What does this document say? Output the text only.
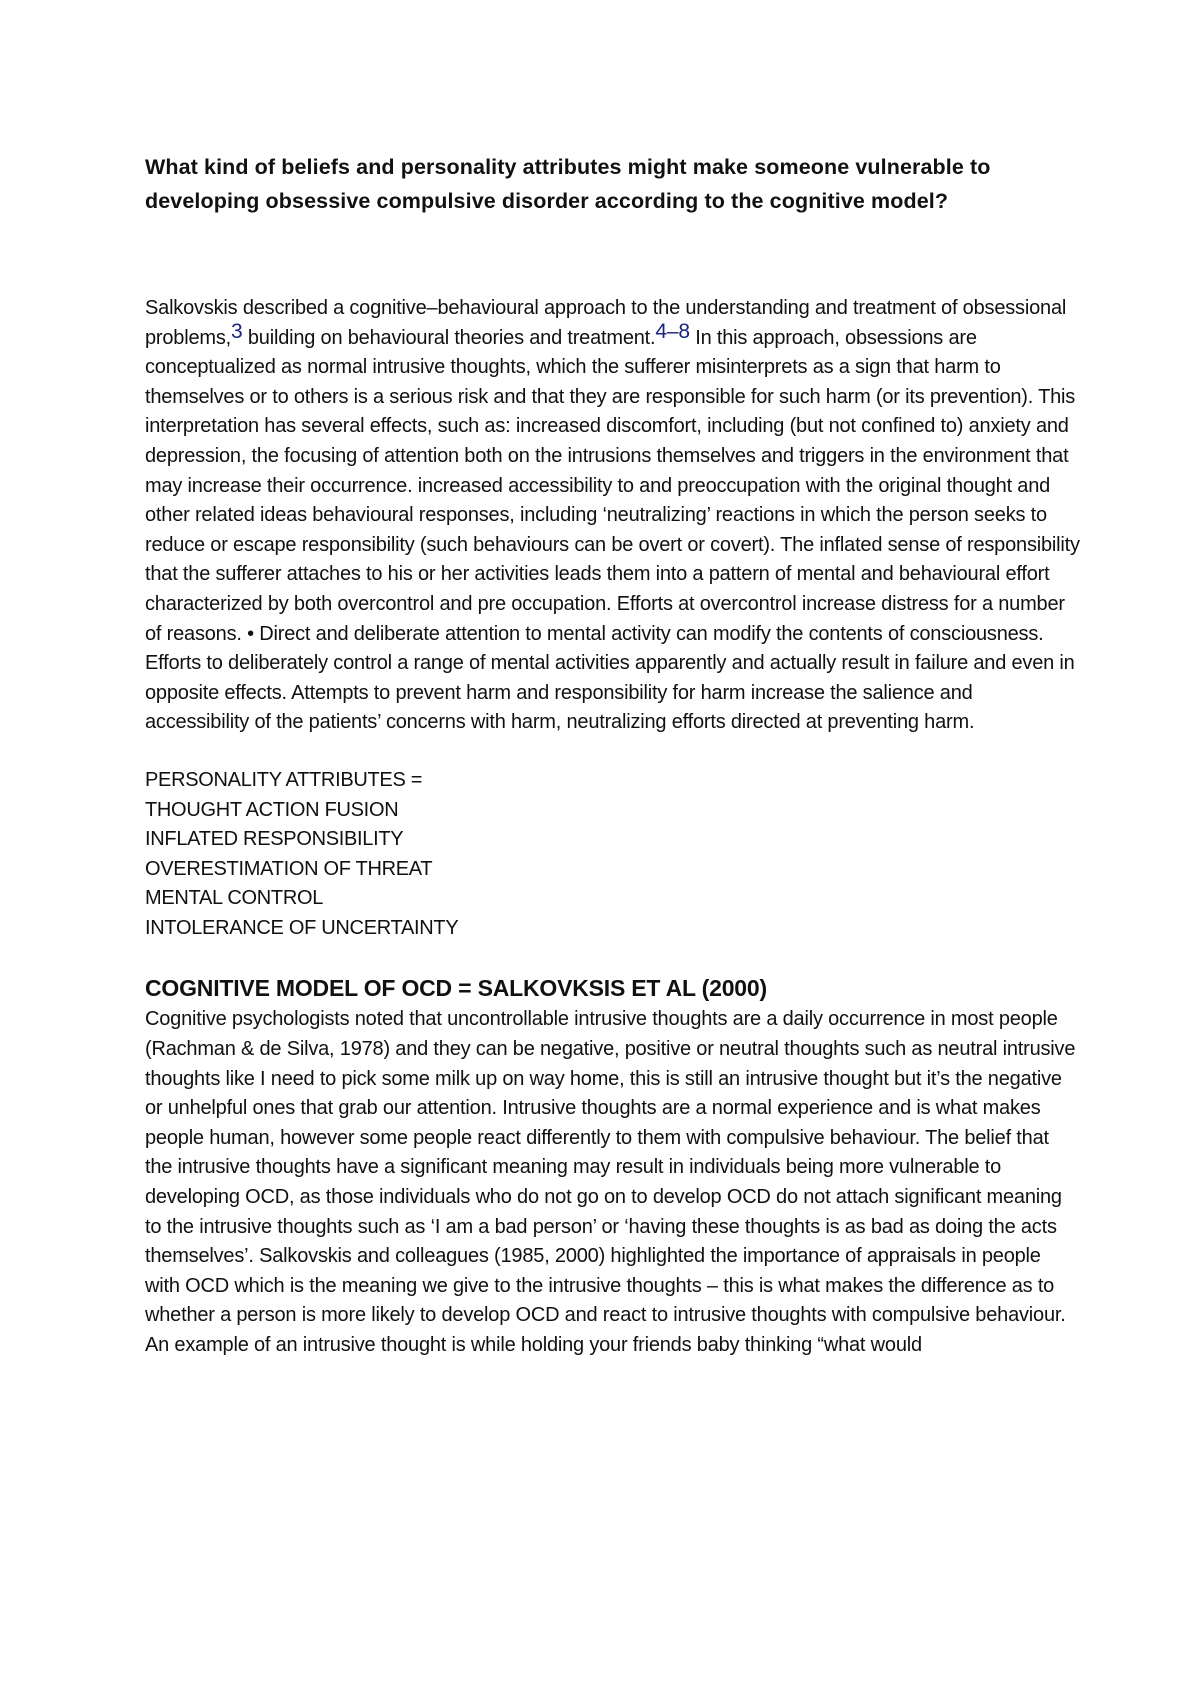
What kind of beliefs and personality attributes might make someone vulnerable to developing obsessive compulsive disorder according to the cognitive model?

Salkovskis described a cognitive–behavioural approach to the understanding and treatment of obsessional problems,3 building on behavioural theories and treatment.4–8 In this approach, obsessions are conceptualized as normal intrusive thoughts, which the sufferer misinterprets as a sign that harm to themselves or to others is a serious risk and that they are responsible for such harm (or its prevention). This interpretation has several effects, such as: increased discomfort, including (but not confined to) anxiety and depression, the focusing of attention both on the intrusions themselves and triggers in the environment that may increase their occurrence. increased accessibility to and preoccupation with the original thought and other related ideas behavioural responses, including ‘neutralizing’ reactions in which the person seeks to reduce or escape responsibility (such behaviours can be overt or covert). The inflated sense of responsibility that the sufferer attaches to his or her activities leads them into a pattern of mental and behavioural effort characterized by both overcontrol and pre occupation. Efforts at overcontrol increase distress for a number of reasons. • Direct and deliberate attention to mental activity can modify the contents of consciousness. Efforts to deliberately control a range of mental activities apparently and actually result in failure and even in opposite effects. Attempts to prevent harm and responsibility for harm increase the salience and accessibility of the patients’ concerns with harm, neutralizing efforts directed at preventing harm.

PERSONALITY ATTRIBUTES =
THOUGHT ACTION FUSION
INFLATED RESPONSIBILITY
OVERESTIMATION OF THREAT
MENTAL CONTROL
INTOLERANCE OF UNCERTAINTY
COGNITIVE MODEL OF OCD = SALKOVKSIS ET AL (2000)

Cognitive psychologists noted that uncontrollable intrusive thoughts are a daily occurrence in most people (Rachman & de Silva, 1978) and they can be negative, positive or neutral thoughts such as neutral intrusive thoughts like I need to pick some milk up on way home, this is still an intrusive thought but it’s the negative or unhelpful ones that grab our attention. Intrusive thoughts are a normal experience and is what makes people human, however some people react differently to them with compulsive behaviour. The belief that the intrusive thoughts have a significant meaning may result in individuals being more vulnerable to developing OCD, as those individuals who do not go on to develop OCD do not attach significant meaning to the intrusive thoughts such as ‘I am a bad person’ or ‘having these thoughts is as bad as doing the acts themselves’. Salkovskis and colleagues (1985, 2000) highlighted the importance of appraisals in people with OCD which is the meaning we give to the intrusive thoughts – this is what makes the difference as to whether a person is more likely to develop OCD and react to intrusive thoughts with compulsive behaviour. An example of an intrusive thought is while holding your friends baby thinking “what would
